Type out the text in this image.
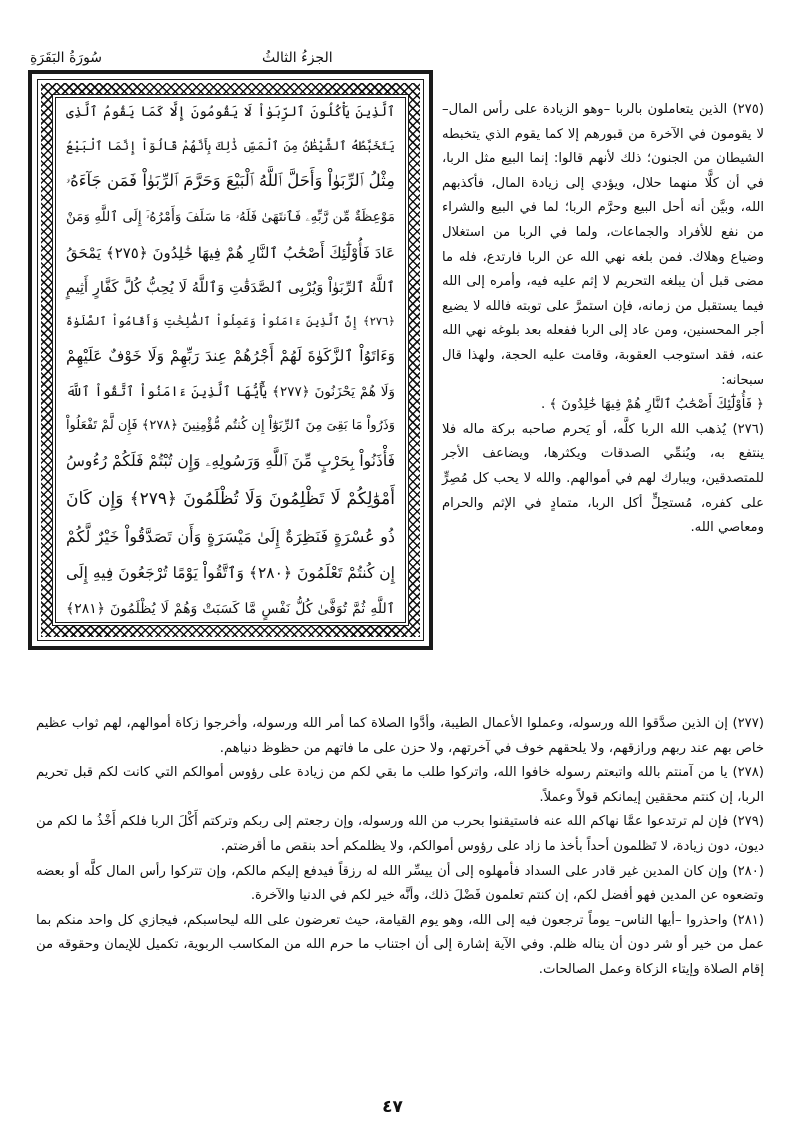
الجزءُ الثالثُ
سُورَةُ البَقَرَةِ
ٱلَّذِينَ يَأْكُلُونَ ٱلرِّبَوٰاْ لَا يَقُومُونَ إِلَّا كَمَا يَقُومُ ٱلَّذِى
يَتَخَبَّطُهُ ٱلشَّيْطَٰنُ مِنَ ٱلْمَسِّ ذَٰلِكَ بِأَنَّهُمْ قَالُوٓاْ إِنَّمَا ٱلْبَيْعُ
مِثْلُ ٱلرِّبَوٰاْ وَأَحَلَّ ٱللَّهُ ٱلْبَيْعَ وَحَرَّمَ ٱلرِّبَوٰاْ فَمَن جَآءَهُۥ
مَوْعِظَةٌ مِّن رَّبِّهِۦ فَٱنتَهَىٰ فَلَهُۥ مَا سَلَفَ وَأَمْرُهُۥٓ إِلَى ٱللَّهِ وَمَنْ
عَادَ فَأُوْلَٰٓئِكَ أَصْحَٰبُ ٱلنَّارِ هُمْ فِيهَا خَٰلِدُونَ ﴿٢٧٥﴾ يَمْحَقُ
ٱللَّهُ ٱلرِّبَوٰاْ وَيُرْبِى ٱلصَّدَقَٰتِ وَٱللَّهُ لَا يُحِبُّ كُلَّ كَفَّارٍ أَثِيمٍ
﴿٢٧٦﴾ إِنَّ ٱلَّذِينَ ءَامَنُواْ وَعَمِلُواْ ٱلصَّٰلِحَٰتِ وَأَقَامُواْ ٱلصَّلَوٰةَ
وَءَاتَوُاْ ٱلزَّكَوٰةَ لَهُمْ أَجْرُهُمْ عِندَ رَبِّهِمْ وَلَا خَوْفٌ عَلَيْهِمْ
وَلَا هُمْ يَحْزَنُونَ ﴿٢٧٧﴾ يَٰٓأَيُّهَا ٱلَّذِينَ ءَامَنُواْ ٱتَّقُواْ ٱللَّهَ
وَذَرُواْ مَا بَقِىَ مِنَ ٱلرِّبَوٰٓاْ إِن كُنتُم مُّؤْمِنِينَ ﴿٢٧٨﴾ فَإِن لَّمْ تَفْعَلُواْ
فَأْذَنُواْ بِحَرْبٍ مِّنَ ٱللَّهِ وَرَسُولِهِۦ وَإِن تُبْتُمْ فَلَكُمْ رُءُوسُ
أَمْوَٰلِكُمْ لَا تَظْلِمُونَ وَلَا تُظْلَمُونَ ﴿٢٧٩﴾ وَإِن كَانَ
ذُو عُسْرَةٍ فَنَظِرَةٌ إِلَىٰ مَيْسَرَةٍ وَأَن تَصَدَّقُواْ خَيْرٌ لَّكُمْ
إِن كُنتُمْ تَعْلَمُونَ ﴿٢٨٠﴾ وَٱتَّقُواْ يَوْمًا تُرْجَعُونَ فِيهِ إِلَى
ٱللَّهِ ثُمَّ تُوَفَّىٰ كُلُّ نَفْسٍ مَّا كَسَبَتْ وَهُمْ لَا يُظْلَمُونَ ﴿٢٨١﴾

(٢٧٥) الذين يتعاملون بالربا –وهو الزيادة على رأس المال– لا يقومون في الآخرة من قبورهم إلا كما يقوم الذي يتخبطه الشيطان من الجنون؛ ذلك لأنهم قالوا: إنما البيع مثل الربا، في أن كلًّا منهما حلال، ويؤدي إلى زيادة المال، فأكذبهم الله، وبيَّن أنه أحل البيع وحرَّم الربا؛ لما في البيع والشراء من نفع للأفراد والجماعات، ولما في الربا من استغلال وضياع وهلاك. فمن بلغه نهي الله عن الربا فارتدع، فله ما مضى قبل أن يبلغه التحريم لا إثم عليه فيه، وأمره إلى الله فيما يستقبل من زمانه، فإن استمرَّ على توبته فالله لا يضيع أجر المحسنين، ومن عاد إلى الربا ففعله بعد بلوغه نهي الله عنه، فقد استوجب العقوبة، وقامت عليه الحجة، ولهذا قال سبحانه:

﴿ فَأُوْلَٰٓئِكَ أَصْحَٰبُ ٱلنَّارِ هُمْ فِيهَا خَٰلِدُونَ ﴾ .

(٢٧٦) يُذهب الله الربا كلَّه، أو يَحرم صاحبه بركة ماله فلا ينتفع به، ويُنمِّي الصدقات ويكثرها، ويضاعف الأجر للمتصدقين، ويبارك لهم في أموالهم. والله لا يحب كل مُصِرٍّ على كفره، مُستحِلٍّ أكل الربا، متمادٍ في الإثم والحرام ومعاصي الله.

(٢٧٧) إن الذين صدَّقوا الله ورسوله، وعملوا الأعمال الطيبة، وأدَّوا الصلاة كما أمر الله ورسوله، وأخرجوا زكاة أموالهم، لهم ثواب عظيم خاص بهم عند ربهم ورازقهم، ولا يلحقهم خوف في آخرتهم، ولا حزن على ما فاتهم من حظوظ دنياهم.

(٢٧٨) يا من آمنتم بالله واتبعتم رسوله خافوا الله، واتركوا طلب ما بقي لكم من زيادة على رؤوس أموالكم التي كانت لكم قبل تحريم الربا، إن كنتم محققين إيمانكم قولاً وعملاً.

(٢٧٩) فإن لم ترتدعوا عمَّا نهاكم الله عنه فاستيقنوا بحرب من الله ورسوله، وإن رجعتم إلى ربكم وتركتم أَكْلَ الربا فلكم أَخْذُ ما لكم من ديون، دون زيادة، لا تَظلمون أحداً بأخذ ما زاد على رؤوس أموالكم، ولا يظلمكم أحد بنقص ما أقرضتم.

(٢٨٠) وإن كان المدين غير قادر على السداد فأمهلوه إلى أن ييسِّر الله له رزقاً فيدفع إليكم مالكم، وإن تتركوا رأس المال كلَّه أو بعضه وتضعوه عن المدين فهو أفضل لكم، إن كنتم تعلمون فَضْلَ ذلك، وأنَّه خير لكم في الدنيا والآخرة.

(٢٨١) واحذروا –أيها الناس– يوماً ترجعون فيه إلى الله، وهو يوم القيامة، حيث تعرضون على الله ليحاسبكم، فيجازي كل واحد منكم بما عمل من خير أو شر دون أن يناله ظلم. وفي الآية إشارة إلى أن اجتناب ما حرم الله من المكاسب الربوية، تكميل للإيمان وحقوقه من إقام الصلاة وإيتاء الزكاة وعمل الصالحات.

٤٧
